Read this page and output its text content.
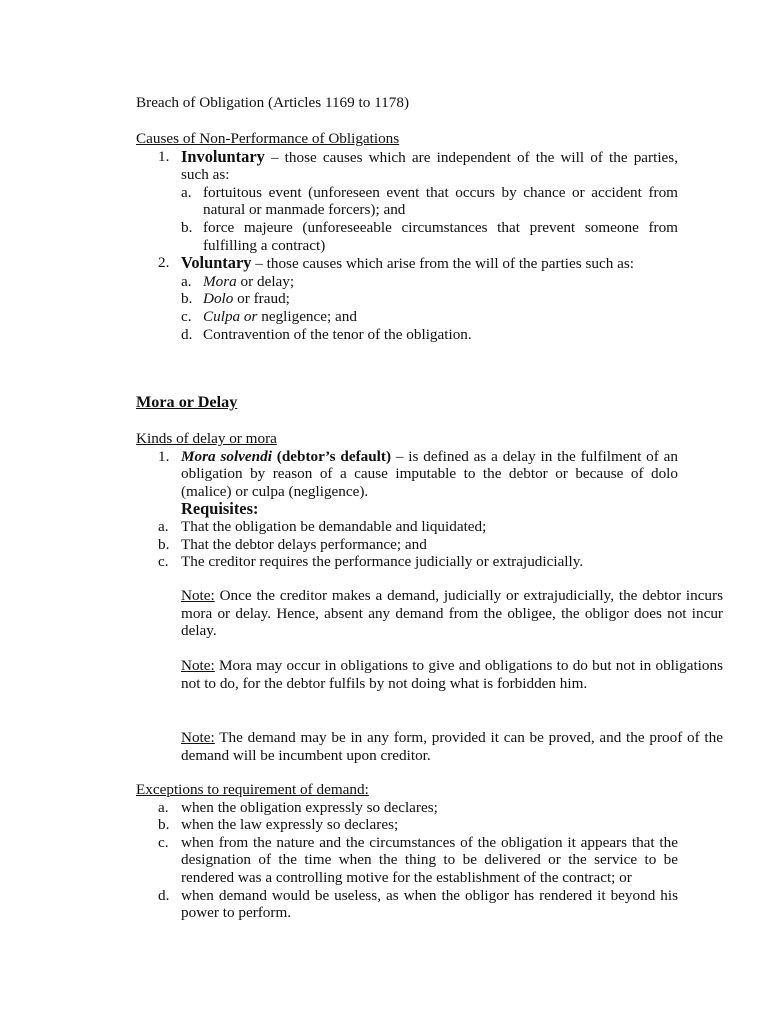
Breach of Obligation (Articles 1169 to 1178)

Causes of Non-Performance of Obligations
1. Involuntary – those causes which are independent of the will of the parties, such as:
a. fortuitous event (unforeseen event that occurs by chance or accident from natural or manmade forcers); and
b. force majeure (unforeseeable circumstances that prevent someone from fulfilling a contract)
2. Voluntary – those causes which arise from the will of the parties such as:
a. Mora or delay;
b. Dolo or fraud;
c. Culpa or negligence; and
d. Contravention of the tenor of the obligation.
Mora or Delay
Kinds of delay or mora
1. Mora solvendi (debtor’s default) – is defined as a delay in the fulfilment of an obligation by reason of a cause imputable to the debtor or because of dolo (malice) or culpa (negligence).
Requisites:
a. That the obligation be demandable and liquidated;
b. That the debtor delays performance; and
c. The creditor requires the performance judicially or extrajudicially.
Note: Once the creditor makes a demand, judicially or extrajudicially, the debtor incurs mora or delay. Hence, absent any demand from the obligee, the obligor does not incur delay.
Note: Mora may occur in obligations to give and obligations to do but not in obligations not to do, for the debtor fulfils by not doing what is forbidden him.
Note: The demand may be in any form, provided it can be proved, and the proof of the demand will be incumbent upon creditor.
Exceptions to requirement of demand:
a. when the obligation expressly so declares;
b. when the law expressly so declares;
c. when from the nature and the circumstances of the obligation it appears that the designation of the time when the thing to be delivered or the service to be rendered was a controlling motive for the establishment of the contract; or
d. when demand would be useless, as when the obligor has rendered it beyond his power to perform.
